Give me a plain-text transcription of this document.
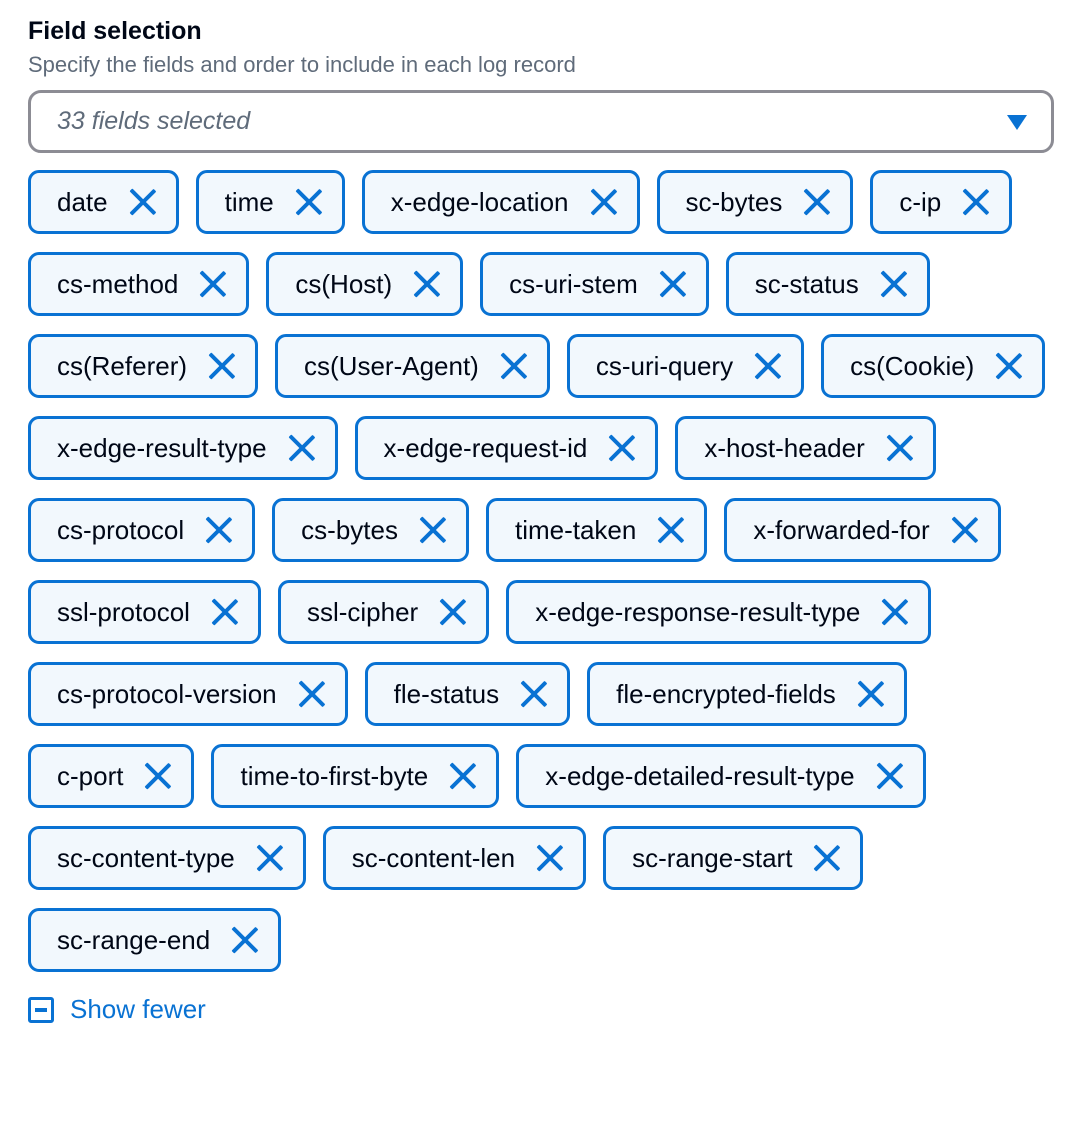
Field selection
Specify the fields and order to include in each log record
33 fields selected
date	time	x-edge-location	sc-bytes	c-ip
cs-method	cs(Host)	cs-uri-stem	sc-status
cs(Referer)	cs(User-Agent)	cs-uri-query	cs(Cookie)
x-edge-result-type	x-edge-request-id	x-host-header
cs-protocol	cs-bytes	time-taken	x-forwarded-for
ssl-protocol	ssl-cipher	x-edge-response-result-type
cs-protocol-version	fle-status	fle-encrypted-fields
c-port	time-to-first-byte	x-edge-detailed-result-type
sc-content-type	sc-content-len	sc-range-start
sc-range-end
Show fewer
